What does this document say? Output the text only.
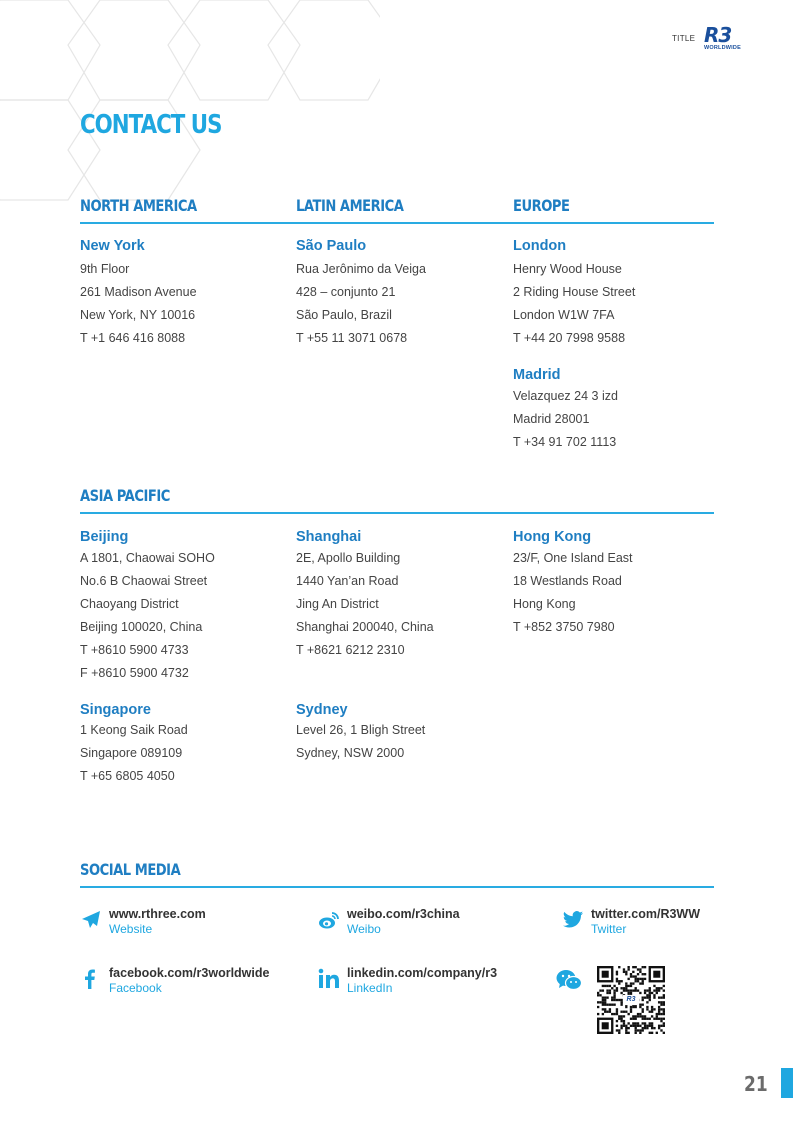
TITLE R3
WORLDWIDE
CONTACT US
NORTH AMERICA	LATIN AMERICA	EUROPE
New York
9th Floor
261 Madison Avenue
New York, NY 10016
T +1 646 416 8088
São Paulo
Rua Jerônimo da Veiga
428 – conjunto 21
São Paulo, Brazil
T +55 11 3071 0678
London
Henry Wood House
2 Riding House Street
London W1W 7FA
T +44 20 7998 9588
Madrid
Velazquez 24 3 izd
Madrid 28001
T +34 91 702 1113
ASIA PACIFIC
Beijing
A 1801, Chaowai SOHO
No.6 B Chaowai Street
Chaoyang District
Beijing 100020, China
T +8610 5900 4733
F +8610 5900 4732
Shanghai
2E, Apollo Building
1440 Yan’an Road
Jing An District
Shanghai 200040, China
T +8621 6212 2310
Hong Kong
23/F, One Island East
18 Westlands Road
Hong Kong
T +852 3750 7980
Singapore
1 Keong Saik Road
Singapore 089109
T +65 6805 4050
Sydney
Level 26, 1 Bligh Street
Sydney, NSW 2000
SOCIAL MEDIA
www.rthree.com
Website
weibo.com/r3china
Weibo
twitter.com/R3WW
Twitter
facebook.com/r3worldwide
Facebook
linkedin.com/company/r3
LinkedIn
R3
21
